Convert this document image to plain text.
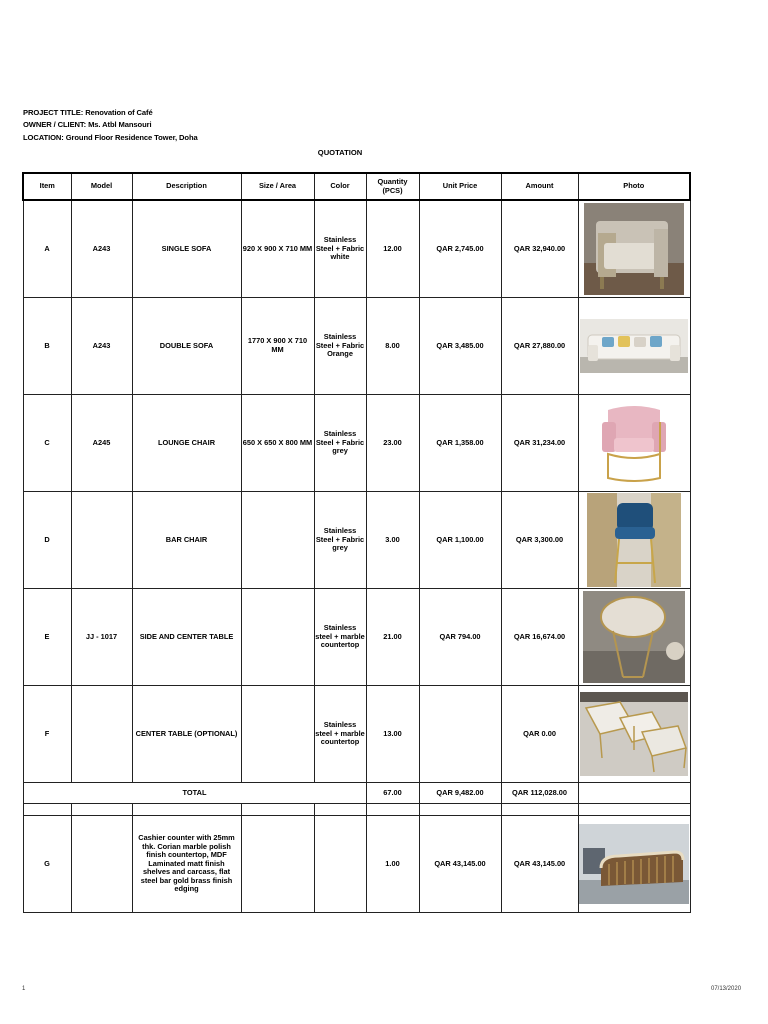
PROJECT TITLE: Renovation of Café
OWNER / CLIENT: Ms. Atbl Mansouri
LOCATION: Ground Floor Residence Tower, Doha
QUOTATION
Item	Model	Description	Size / Area	Color	Quantity (PCS)	Unit Price	Amount	Photo
A	A243	SINGLE SOFA	920 X 900 X 710 MM	Stainless Steel + Fabric white	12.00	QAR 2,745.00	QAR 32,940.00	

B	A243	DOUBLE SOFA	1770 X 900 X 710 MM	Stainless Steel + Fabric Orange	8.00	QAR 3,485.00	QAR 27,880.00	

C	A245	LOUNGE CHAIR	650 X 650 X 800 MM	Stainless Steel + Fabric grey	23.00	QAR 1,358.00	QAR 31,234.00	

D		BAR CHAIR		Stainless Steel + Fabric grey	3.00	QAR 1,100.00	QAR 3,300.00	

E	JJ - 1017	SIDE AND CENTER TABLE		Stainless steel + marble countertop	21.00	QAR 794.00	QAR 16,674.00	

F		CENTER TABLE (OPTIONAL)		Stainless steel + marble countertop	13.00		QAR 0.00	

TOTAL					67.00	QAR 9,482.00	QAR 112,028.00	

G		Cashier counter with 25mm thk. Corian marble polish finish countertop, MDF Laminated matt finish shelves and carcass, flat steel bar gold brass finish edging			1.00	QAR 43,145.00	QAR 43,145.00	
1	07/13/2020
